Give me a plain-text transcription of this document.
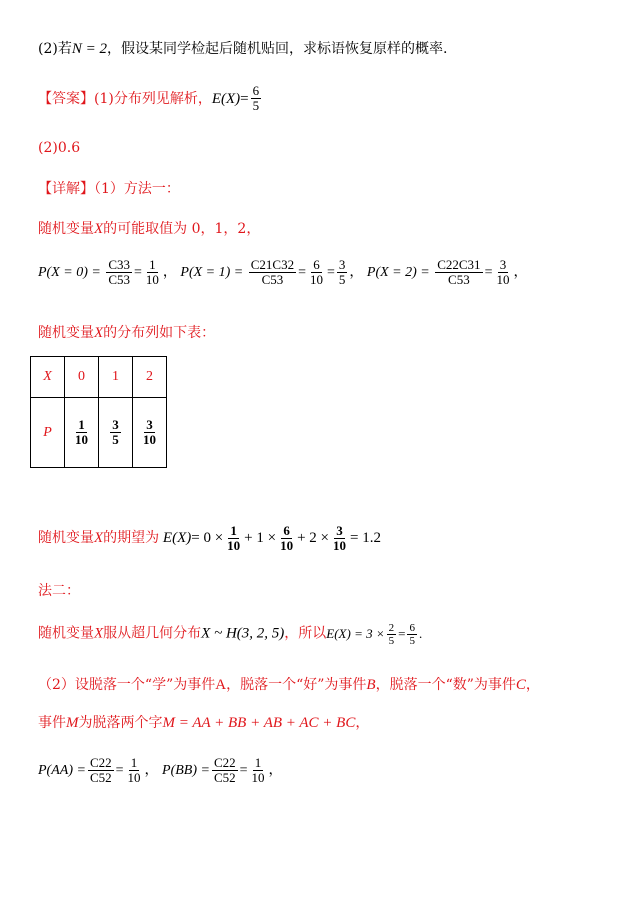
(2)若N = 2，假设某同学检起后随机贴回，求标语恢复原样的概率.
【答案】(1)分布列见解析，$E(X)= \frac{6}{5}$
(2)0.6
【详解】（1）方法一：
随机变量X的可能取值为 0，1，2，
$P(X = 0) = \frac{C33}{C53} = \frac{1}{10}$ ， $P(X = 1) = \frac{C21C32}{C53} = \frac{6}{10} = \frac{3}{5}$ ， $P(X = 2) = \frac{C22C31}{C53} = \frac{3}{10}$ ，
随机变量X的分布列如下表：
X	0	1	2
P	$\frac{1}{10}$	$\frac{3}{5}$	$\frac{3}{10}$
随机变量X的期望为 $E(X)= 0 \times \frac{1}{10} + 1 \times \frac{6}{10} + 2 \times \frac{3}{10} = 1.2$
法二：
随机变量X服从超几何分布X ~ H(3, 2, 5)，所以$E(X) = 3 \times \frac{2}{5} = \frac{6}{5}$ .
（2）设脱落一个“学”为事件A，脱落一个“好”为事件B，脱落一个“数”为事件C，
事件M为脱落两个字M = AA + BB + AB + AC + BC，
$P(AA) = \frac{C22}{C52} = \frac{1}{10}$ ， $P(BB) = \frac{C22}{C52} = \frac{1}{10}$ ，
